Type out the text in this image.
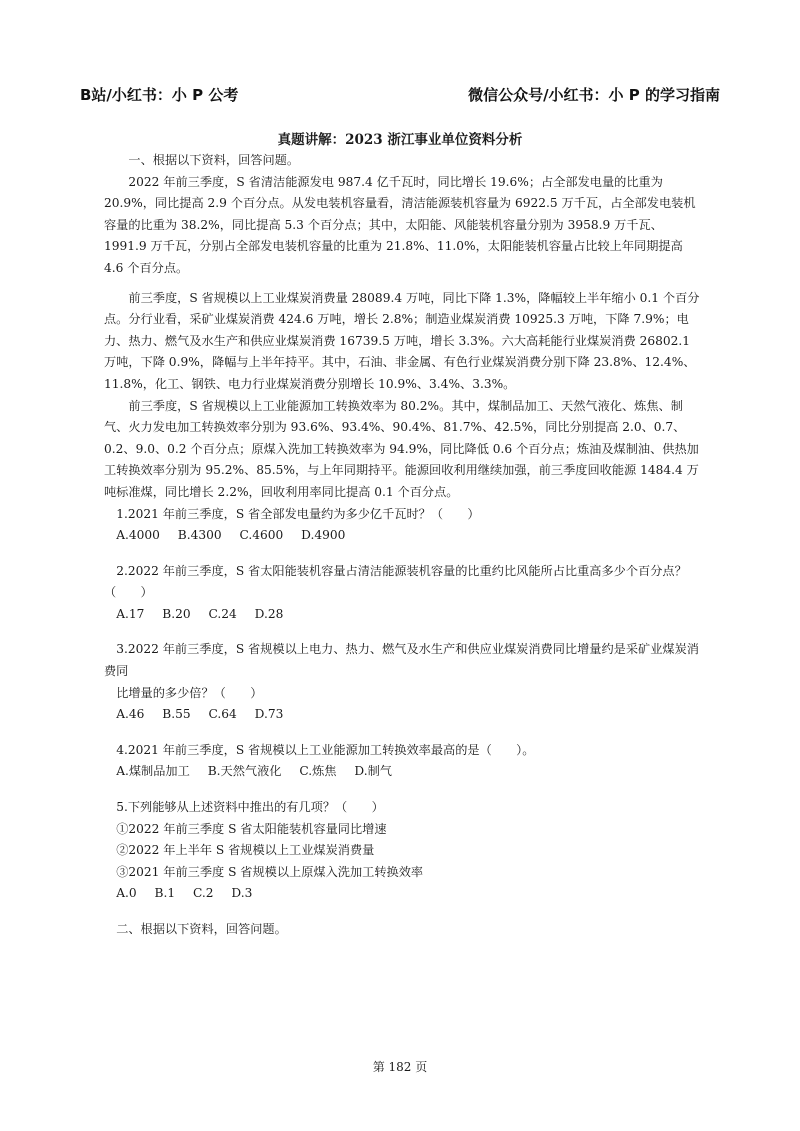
B站/小红书：小 P 公考	微信公众号/小红书：小 P 的学习指南
真题讲解：2023 浙江事业单位资料分析

一、根据以下资料，回答问题。

2022 年前三季度，S 省清洁能源发电 987.4 亿千瓦时，同比增长 19.6%；占全部发电量的比重为 20.9%，同比提高 2.9 个百分点。从发电装机容量看，清洁能源装机容量为 6922.5 万千瓦，占全部发电装机容量的比重为 38.2%，同比提高 5.3 个百分点；其中，太阳能、风能装机容量分别为 3958.9 万千瓦、1991.9 万千瓦，分别占全部发电装机容量的比重为 21.8%、11.0%，太阳能装机容量占比较上年同期提高 4.6 个百分点。

前三季度，S 省规模以上工业煤炭消费量 28089.4 万吨，同比下降 1.3%，降幅较上半年缩小 0.1 个百分点。分行业看，采矿业煤炭消费 424.6 万吨，增长 2.8%；制造业煤炭消费 10925.3 万吨，下降 7.9%；电力、热力、燃气及水生产和供应业煤炭消费 16739.5 万吨，增长 3.3%。六大高耗能行业煤炭消费 26802.1 万吨，下降 0.9%，降幅与上半年持平。其中，石油、非金属、有色行业煤炭消费分别下降 23.8%、12.4%、11.8%，化工、钢铁、电力行业煤炭消费分别增长 10.9%、3.4%、3.3%。

前三季度，S 省规模以上工业能源加工转换效率为 80.2%。其中，煤制品加工、天然气液化、炼焦、制气、火力发电加工转换效率分别为 93.6%、93.4%、90.4%、81.7%、42.5%，同比分别提高 2.0、0.7、0.2、9.0、0.2 个百分点；原煤入洗加工转换效率为 94.9%，同比降低 0.6 个百分点；炼油及煤制油、供热加工转换效率分别为 95.2%、85.5%，与上年同期持平。能源回收利用继续加强，前三季度回收能源 1484.4 万吨标准煤，同比增长 2.2%，回收利用率同比提高 0.1 个百分点。

1.2021 年前三季度，S 省全部发电量约为多少亿千瓦时？（　　）

A.4000 B.4300 C.4600 D.4900

2.2022 年前三季度，S 省太阳能装机容量占清洁能源装机容量的比重约比风能所占比重高多少个百分点？（　　）

A.17 B.20 C.24 D.28

3.2022 年前三季度，S 省规模以上电力、热力、燃气及水生产和供应业煤炭消费同比增量约是采矿业煤炭消费同

比增量的多少倍？（　　）

A.46 B.55 C.64 D.73

4.2021 年前三季度，S 省规模以上工业能源加工转换效率最高的是（　　）。

A.煤制品加工 B.天然气液化 C.炼焦 D.制气

5.下列能够从上述资料中推出的有几项？（　　）

①2022 年前三季度 S 省太阳能装机容量同比增速

②2022 年上半年 S 省规模以上工业煤炭消费量

③2021 年前三季度 S 省规模以上原煤入洗加工转换效率

A.0 B.1 C.2 D.3

二、根据以下资料，回答问题。

第 182 页
